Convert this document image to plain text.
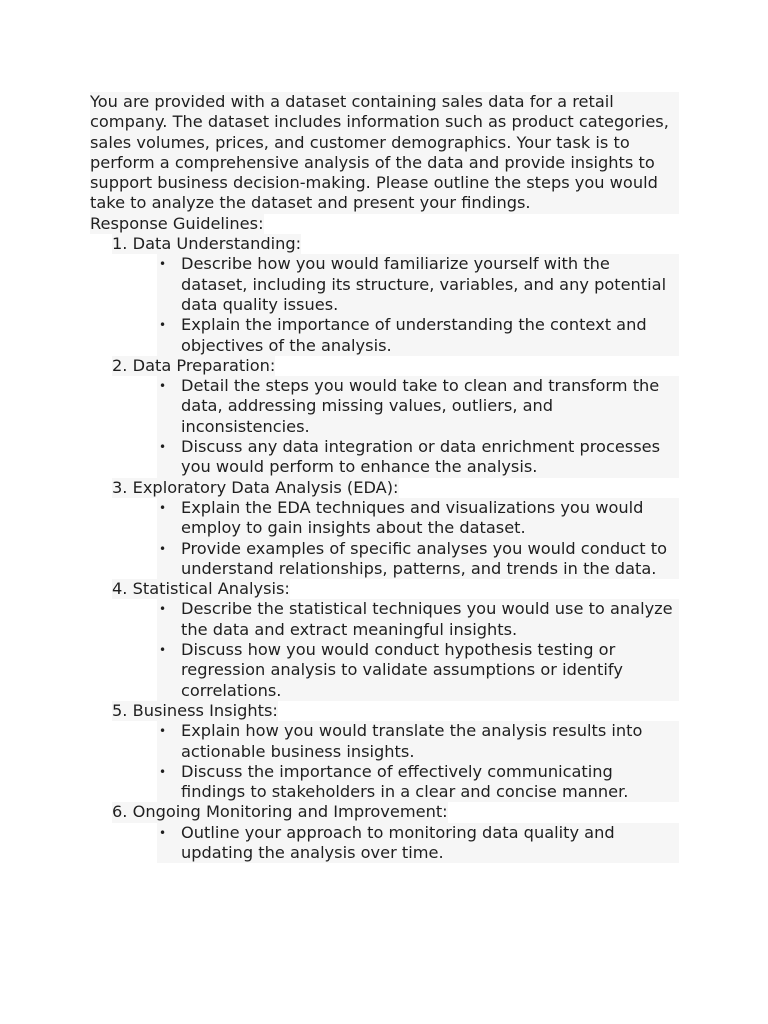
You are provided with a dataset containing sales data for a retail company. The dataset includes information such as product categories, sales volumes, prices, and customer demographics. Your task is to perform a comprehensive analysis of the data and provide insights to support business decision-making. Please outline the steps you would take to analyze the dataset and present your findings.

Response Guidelines:
1. Data Understanding:
• Describe how you would familiarize yourself with the dataset, including its structure, variables, and any potential data quality issues.
• Explain the importance of understanding the context and objectives of the analysis.
2. Data Preparation:
• Detail the steps you would take to clean and transform the data, addressing missing values, outliers, and inconsistencies.
• Discuss any data integration or data enrichment processes you would perform to enhance the analysis.
3. Exploratory Data Analysis (EDA):
• Explain the EDA techniques and visualizations you would employ to gain insights about the dataset.
• Provide examples of specific analyses you would conduct to understand relationships, patterns, and trends in the data.
4. Statistical Analysis:
• Describe the statistical techniques you would use to analyze the data and extract meaningful insights.
• Discuss how you would conduct hypothesis testing or regression analysis to validate assumptions or identify correlations.
5. Business Insights:
• Explain how you would translate the analysis results into actionable business insights.
• Discuss the importance of effectively communicating findings to stakeholders in a clear and concise manner.
6. Ongoing Monitoring and Improvement:
• Outline your approach to monitoring data quality and updating the analysis over time.
